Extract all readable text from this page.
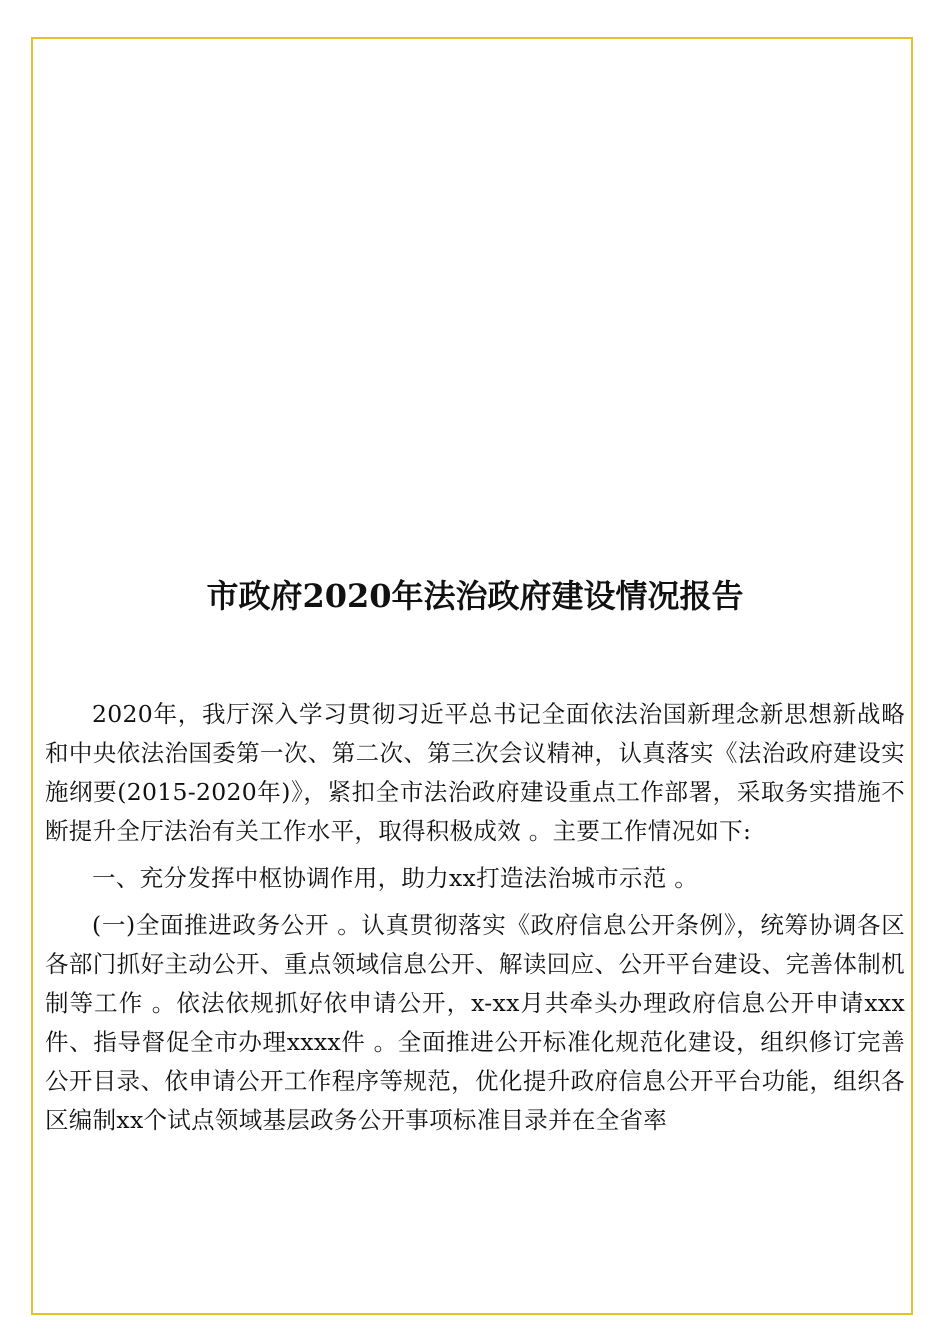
市政府2020年法治政府建设情况报告

2020年，我厅深入学习贯彻习近平总书记全面依法治国新理念新思想新战略和中央依法治国委第一次、第二次、第三次会议精神，认真落实《法治政府建设实施纲要(2015-2020年)》，紧扣全市法治政府建设重点工作部署，采取务实措施不断提升全厅法治有关工作水平，取得积极成效 。主要工作情况如下:

一、充分发挥中枢协调作用，助力xx打造法治城市示范 。

(一)全面推进政务公开 。认真贯彻落实《政府信息公开条例》，统筹协调各区各部门抓好主动公开、重点领域信息公开、解读回应、公开平台建设、完善体制机制等工作 。依法依规抓好依申请公开，x-xx月共牵头办理政府信息公开申请xxx件、指导督促全市办理xxxx件 。全面推进公开标准化规范化建设，组织修订完善公开目录、依申请公开工作程序等规范，优化提升政府信息公开平台功能，组织各区编制xx个试点领域基层政务公开事项标准目录并在全省率
